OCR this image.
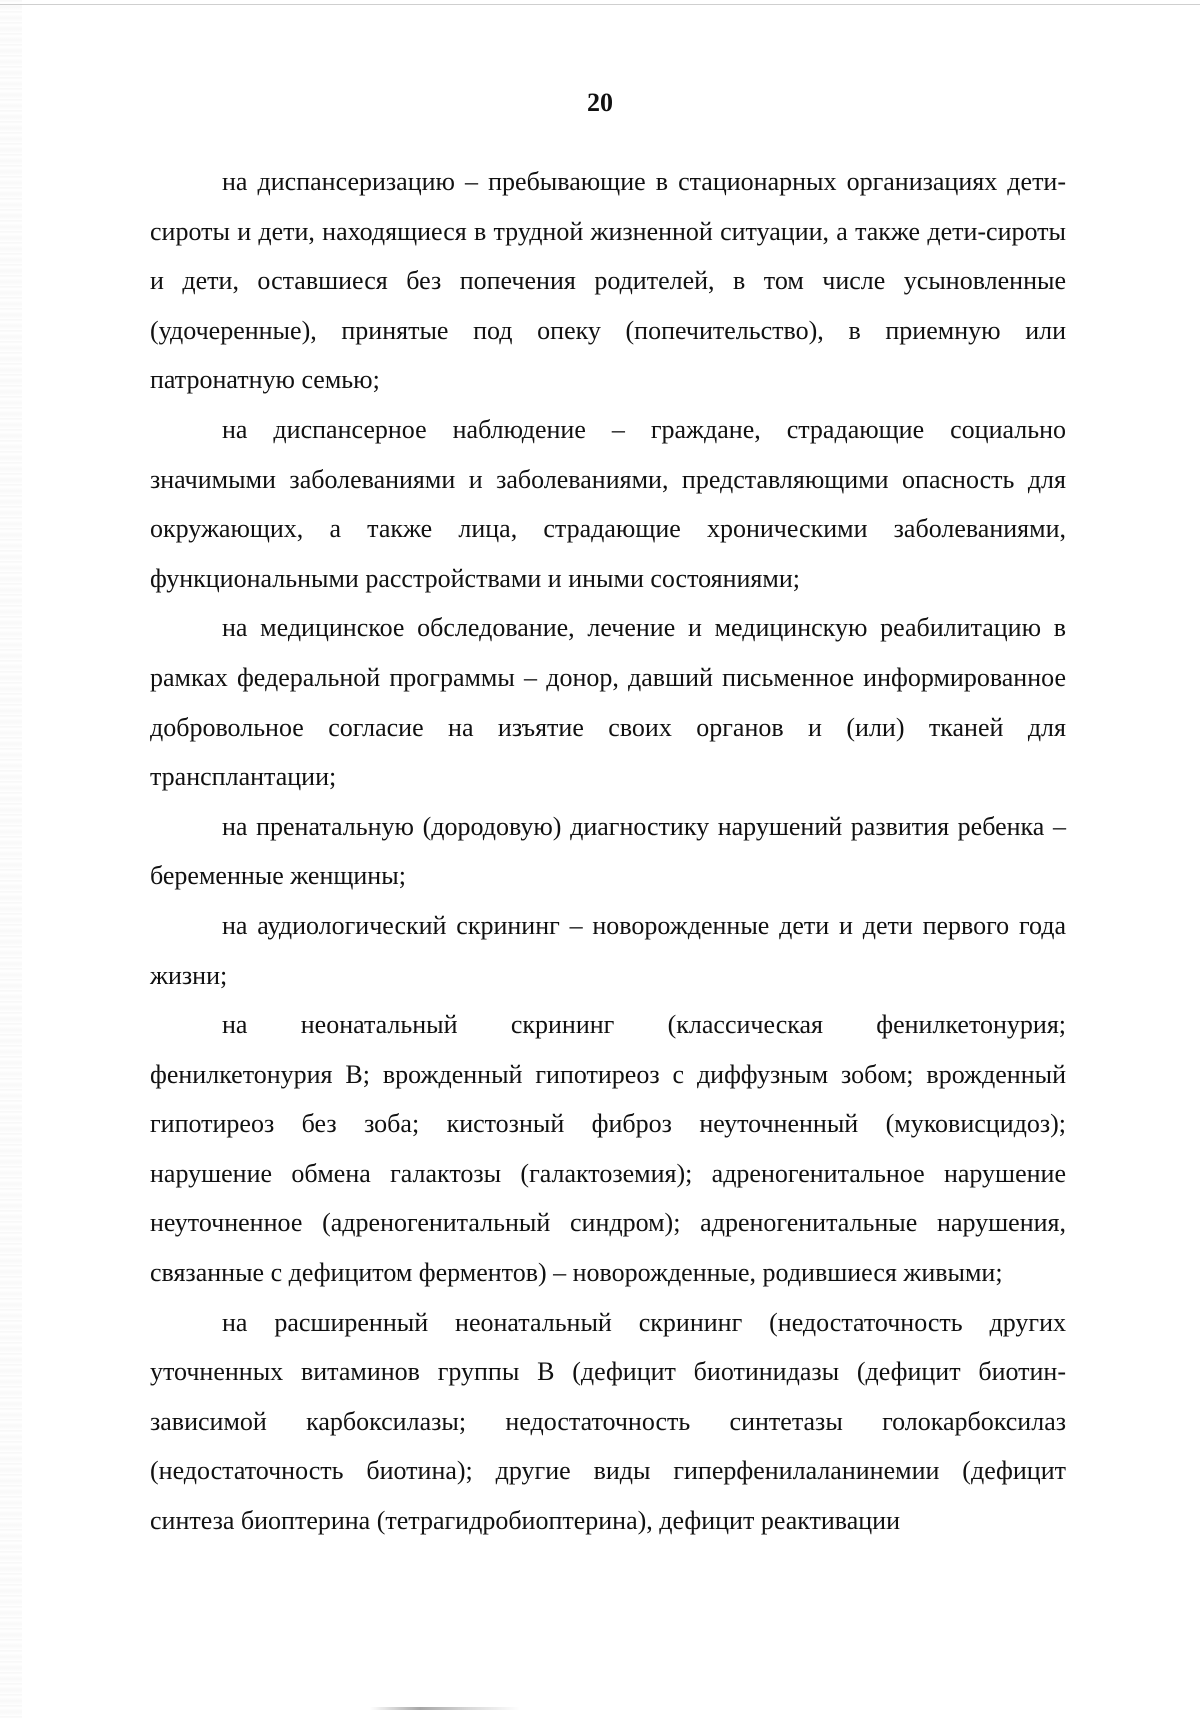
20

на диспансеризацию – пребывающие в стационарных организациях дети-сироты и дети, находящиеся в трудной жизненной ситуации, а также дети-сироты и дети, оставшиеся без попечения родителей, в том числе усыновленные (удочеренные), принятые под опеку (попечительство), в приемную или патронатную семью;

на диспансерное наблюдение – граждане, страдающие социально значимыми заболеваниями и заболеваниями, представляющими опасность для окружающих, а также лица, страдающие хроническими заболеваниями, функциональными расстройствами и иными состояниями;

на медицинское обследование, лечение и медицинскую реабилитацию в рамках федеральной программы – донор, давший письменное информированное добровольное согласие на изъятие своих органов и (или) тканей для трансплантации;

на пренатальную (дородовую) диагностику нарушений развития ребенка – беременные женщины;

на аудиологический скрининг – новорожденные дети и дети первого года жизни;

на неонатальный скрининг (классическая фенилкетонурия; фенилкетонурия B; врожденный гипотиреоз с диффузным зобом; врожденный гипотиреоз без зоба; кистозный фиброз неуточненный (муковисцидоз); нарушение обмена галактозы (галактоземия); адреногенитальное нарушение неуточненное (адреногенитальный синдром); адреногенитальные нарушения, связанные с дефицитом ферментов) – новорожденные, родившиеся живыми;

на расширенный неонатальный скрининг (недостаточность других уточненных витаминов группы B (дефицит биотинидазы (дефицит биотин-зависимой карбоксилазы; недостаточность синтетазы голокарбоксилаз (недостаточность биотина); другие виды гиперфенилаланинемии (дефицит синтеза биоптерина (тетрагидробиоптерина), дефицит реактивации
